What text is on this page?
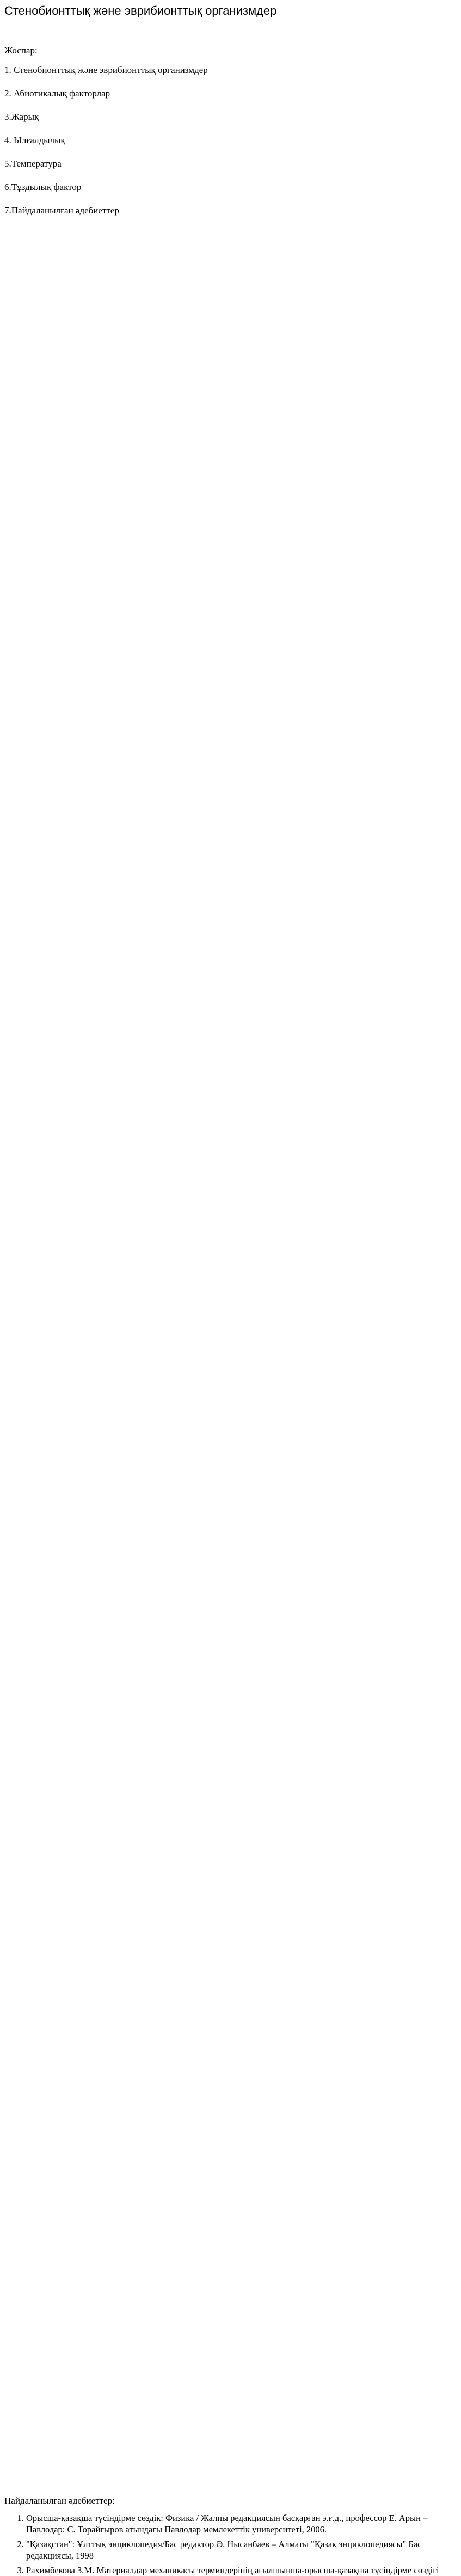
Стенобионттық және эврибионттық организмдер
Жоспар:
1. Стенобионттық және эврибионттық организмдер
2. Абиотикалық факторлар
3.Жарық
4. Ылғалдылық
5.Температура
6.Тұздылық фактор
7.Пайдаланылған әдебиеттер

Пайдаланылған әдебиеттер:
1. Орысша-қазақша түсіндірме сөздік: Физика / Жалпы редакциясын басқарған э.ғ.д., профессор Е. Арын – Павлодар: С. Торайғыров атындағы Павлодар мемлекеттік университеті, 2006.
2. "Қазақстан": Ұлттық энциклопедия/Бас редактор Ә. Нысанбаев – Алматы "Қазақ энциклопедиясы" Бас редакциясы, 1998
3. Рахимбекова З.М. Материалдар механикасы терминдерінің ағылшынша-орысша-қазақша түсіндірме сөздігі
